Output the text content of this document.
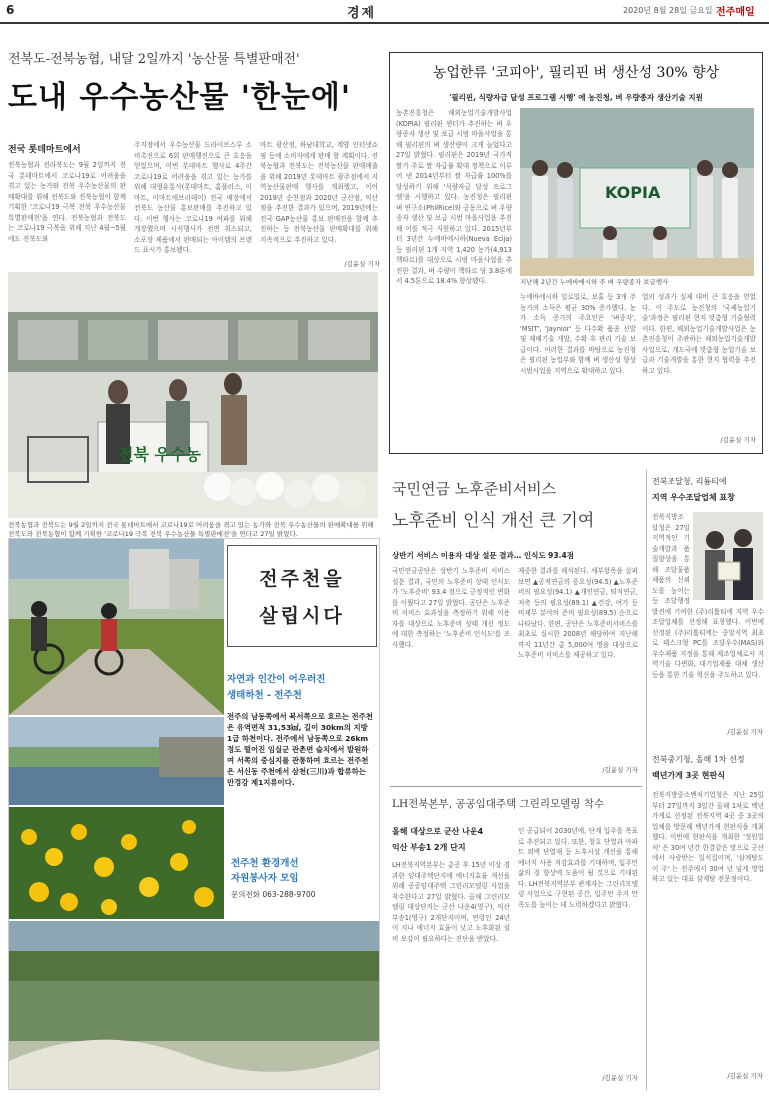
6	경제	2020년 8월 28일 금요일 전주매일
전북도-전북농협, 내달 2일까지 '농산물 특별판매전'
도내 우수농산물 '한눈에'
전국 롯데마트에서
전북농협과 전라북도는 9월 2일까지 전국 롯데마트에서 코로나19로 어려움을 겪고 있는 농가와 전북 우수농산물의 판매확대를 위해 전북도와 전북농협이 함께 기획한 '코로나19 극복 전북 우수농산물 특별판매전'을 연다. 전북농협과 전북도는 코로나19 극복을 위해 지난 4월~5월에도 전북도와
주지점에서 우수농산물 드라이브스루 소비촉진으로 6회 판매행진으로 큰 호응을 얻었으며, 이번 롯데마트 행사로 4주간 코로나19로 어려움을 겪고 있는 농가를 위해 대형유통사(롯데마트, 홈플러스, 이마트, 이마트에브리데이) 전국 매장에서 전북도 농산물 홍보판매를 추진하고 있다. 이번 행사는 코로나19 여파를 위해 개장했으며 시식행사가 전면 취소되고, 소포장 제품에서 판매되는 아이템의 브랜드 표시가 홍보됐다.
마트 광산점, 하남대학교, 계양 인터넷쇼핑 등에 소비자에게 판매 할 계획이다. 전북농협과 전북도는 전북농산물 판매매출을 위해 2019년 롯데마트 광주점에서 지역농산물판매 행사를 개최했고, 이어 2019년 순천점과 2020년 군산점, 익산점을 추진한 결과가 있으며, 2019년에는 전국 GAP농산물 홍보 판매전을 함께 추진하는 등 전북농산물 판매확대를 위해 지속적으로 추진하고 있다.
/김윤실 기자
전북 우수농
전북농협과 전북도는 9월 2일까지 전국 롯데마트에서 코로나19로 어려움을 겪고 있는 농가와 전북 우수농산물의 판매확대를 위해 전북도와 전북농협이 함께 기획한 '코로나19 극복 전북 우수농산물 특별판매전'을 연다고 27일 밝혔다.
농업한류 '코피아', 필리핀 벼 생산성 30% 향상
'필리핀, 식량자급 달성 프로그램 시행' 에 농진청, 벼 우량종자 생산기술 지원
농촌진흥청은 해외농업기술개발사업(KOPIA) 필리핀 센터가 추진하는 벼 우량종자 생산 및 보급 시범 마을사업을 통해 필리핀의 벼 생산량이 크게 늘었다고 27일 밝혔다. 필리핀은 2019년 국가적 쌀가 주로 쌀 자급률 확대 정책으로 이루어 낸 2014년부터 쌀 자급률 100%를 달성하기 위해 '식량자급 달성 프로그램'을 시행하고 있다. 농진청은 필리핀 벼 연구소(PhilRice)와 공동으로 벼 우량종자 생산 및 보급 시범 마을사업을 추진해 이를 적극 지원하고 있다. 2015년부터 3년간 누에바에시하(Nueva Ecija) 등 필리핀 1개 지역 1,420 농가(4,913헥타르)를 대상으로 시범 마을사업을 추진한 결과, 벼 수량이 헥타르 당 3.8톤에서 4.5톤으로 18.4% 향상됐다.
KOPIA
지난해 2년간 누에바에시하 주 벼 우량종자 보급행사
누에바에시하 일로일로, 보홀 등 3개 주 농가의 소득은 평균 30% 증가했다. 농가 소득 증가의 주요인은 '벼종자', 'MSIT', 'Jaynior' 등 다수확 품종 선발 및 재배기술 개발, 수확 후 관리 기술 보급이다. 이러한 결과를 바탕으로 농진청은 필리핀 농업부와 함께 벼 생산성 향상 시범사업을 지역으로 확대하고 있다.
업의 성과가 실제 대비 큰 호응을 얻었다. 이 주도로 농진청의 '국제농업기술'과정은 필리핀 현지 맞춤형 기술협력이다. 한편, 해외농업기술개발사업은 농촌진흥청이 주관하는 해외농업기술개발사업으로, 개도국에 맞춤형 농업기술 보급과 기술개발을 통한 현지 협력을 추진하고 있다.
/김윤실 기자
국민연금 노후준비서비스
노후준비 인식 개선 큰 기여
상반기 서비스 이용자 대상 설문 결과… 인식도 93.4점
국민연금공단은 상반기 노후준비 서비스 설문 결과, 국민의 노후준비 상태 인식도가 '노후준비' 93.4 점으로 긍정적인 변화를 이뤘다고 27일 밝혔다. 공단은 노후준비 서비스 효과성을 측정하기 위해 이용자를 대상으로 노후준비 상태 개선 정도에 대한 측정하는 '노후준비 인식도'를 조사했다.
재중한 결과를 해석된다. 세부항목을 살펴보면 ▲공적연금의 중요성(94.5) ▲노후준비의 필요성(94.1) ▲개인연금, 퇴직연금, 저축 등의 필요성(89.1) ▲건강, 여가 등 비재무 분야의 준비 필요성(89.5) 순으로 나타났다. 한편, 공단은 노후준비서비스를 최초로 실시한 2008년 해당하여 지난해까지 11년간 총 5,000여 명을 대상으로 노후준비 서비스를 제공하고 있다.
/김윤실 기자
전북조달청, 리튬티에
지역 우수조달업체 표창
전북지방조달청은 27일 지역적인 기술개발과 품질향상을 통해 조달물품 제품의 신뢰도를 높이는 등 조달행정 발전에 기여한 (주)리튬티에 지역 우수조달업체를 선정해 표창했다. 이번에 선정된 (주)리튬티에는 중앙지역 최초로 태스크형 PC를 조달우수(MAS)와 우수제품 지정을 통해 제조업체로서 지역기술 다변화, 대기업제품 대체 생산 등을 통한 기술 혁신을 주도하고 있다.
/김윤실 기자
전북중기청, 올해 1차 선정
백년가게 3곳 현판식
전북지방중소벤처기업청은 지난 25일부터 27일까지 3일간 올해 1차로 백년가게로 선정된 전북지역 4곳 중 3곳의 업체를 방문해 백년가게 현판식을 개최했다. 이번에 현판식을 개최한 '정원일식' 은 30여 년간 한결같은 맛으로 군산에서 사랑받는 일식집이며, '삼계탕도 이 주' 는 전주에서 30여 년 넘게 영업하고 있는 대표 삼계탕 전문점이다.
/김윤실 기자
LH전북본부, 공공임대주택 그린리모델링 착수
올해 대상으로 군산 나운4
익산 부송1 2개 단지
LH전북지역본부는 총공 후 15년 이상 경과한 임대주택단지에 에너지효율 개선을 위해 공공임대주택 그린리모델링 사업을 착수한다고 27일 밝혔다. 올해 그린리모델링 대상단지는 군산 나운4(영구), 익산 부송1(영구) 2개단지이며, 연령인 24년이 지나 에너지 효율이 낮고 노후화된 설비 보강이 필요하다는 진단을 받았다.
인 공급되어 2030년에, 단계 입주를 목표로 추진되고 있다. 또한, 창호 단열과 아파트 외벽 단열재 등 노후시설 개선을 통해 에너지 사용 저감효과를 기대하며, 입주민 삶의 질 향상에 도움이 될 것으로 기대된다. LH전북지역본부 관계자는 그린리모델링 사업으로 구현된 공간, 입주민 주거 만족도를 높이는 데 노력하겠다고 밝혔다.
/김윤실 기자
전주천을
살립시다
자연과 인간이 어우러진
생태하천 - 전주천
전주의 남동쪽에서 북서쪽으로 흐르는 전주천은 유역면적 31,53㎢, 길이 30km의 지방 1급 하천이다. 전주에서 남동쪽으로 26km 정도 떨어진 임실군 관촌면 슬치에서 발원하여 서쪽의 중심지를 관통하여 흐르는 전주천은 서신동 주천에서 삼천(三川)과 합류하는 만경강 제1지류이다.
전주천 환경개선
자원봉사자 모임
문의전화 063-288-9700
